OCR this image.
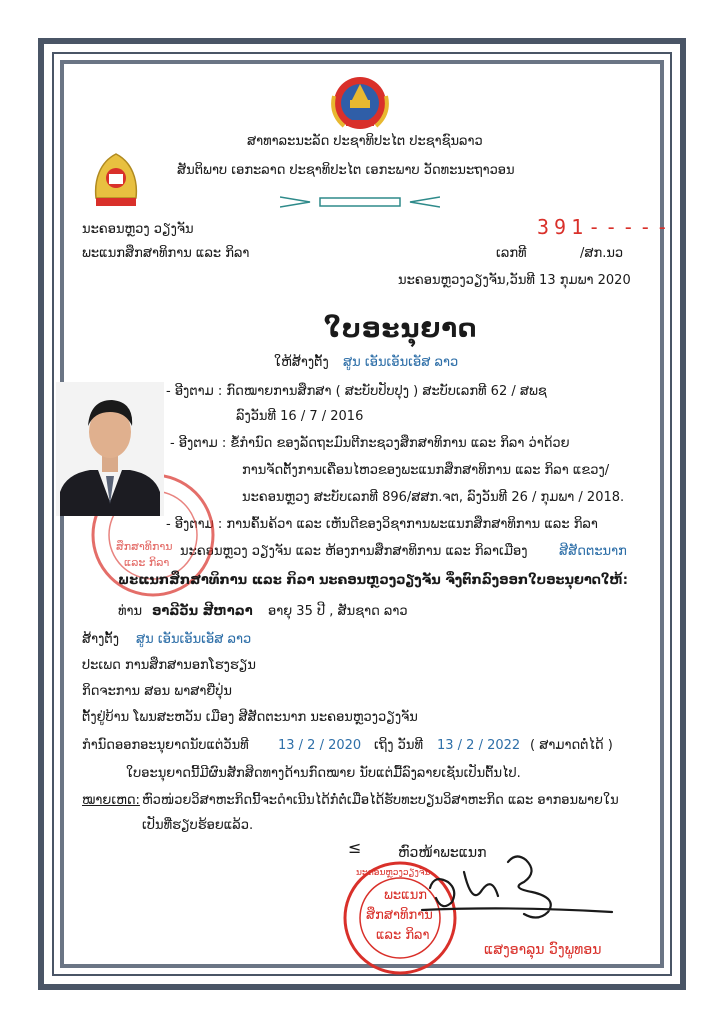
ສາທາລະນະລັດ ປະຊາທິປະໄຕ ປະຊາຊົນລາວ
ສັນຕິພາບ ເອກະລາດ ປະຊາທິປະໄຕ ເອກະພາບ ວັດທະນະຖາວອນ
ນະຄອນຫຼວງ ວຽງຈັນ
ພະແນກສຶກສາທິການ ແລະ ກິລາ
391-----
ເລກທີ	/ສກ.ນວ
ນະຄອນຫຼວງວຽງຈັນ,ວັນທີ 13 ກຸມພາ 2020
ໃບອະນຸຍາດ
ໃຫ້ສ້າງຕັ້ງ ສູນ ເອັນເອັນເອັສ ລາວ
- ອີງຕາມ : ກົດໝາຍການສຶກສາ ( ສະບັບປັບປຸງ ) ສະບັບເລກທີ 62 / ສພຊ
ລົງວັນທີ 16 / 7 / 2016
- ອີງຕາມ : ຂໍ້ກຳນົດ ຂອງລັດຖະມົນຕີກະຊວງສຶກສາທິການ ແລະ ກິລາ ວ່າດ້ວຍ
ການຈັດຕັ້ງການເຄື່ອນໄຫວຂອງພະແນກສຶກສາທິການ ແລະ ກິລາ ແຂວງ/
ນະຄອນຫຼວງ ສະບັບເລກທີ 896/ສສກ.ຈຕ, ລົງວັນທີ 26 / ກຸມພາ / 2018.
- ອີງຕາມ : ການຄົ້ນຄ້ວາ ແລະ ເຫັນດີຂອງວິຊາການພະແນກສຶກສາທິການ ແລະ ກິລາ
ນະຄອນຫຼວງ ວຽງຈັນ ແລະ ຫ້ອງການສຶກສາທິການ ແລະ ກິລາເມືອງ ສີສັດຕະນາກ
ສຶກສາທິການ
ແລະ ກິລາ
ພະແນກສຶກສາທິການ ແລະ ກິລາ ນະຄອນຫຼວງວຽງຈັນ ຈຶ່ງຕົກລົງອອກໃບອະນຸຍາດໃຫ້:
ທ່ານ ອາລີວັນ ສີຫາລາ ອາຍຸ 35 ປີ , ສັນຊາດ ລາວ
ສ້າງຕັ້ງ ສູນ ເອັນເອັນເອັສ ລາວ
ປະເພດ ການສຶກສານອກໂຮງຮຽນ
ກິດຈະການ ສອນ ພາສາຍີ່ປຸ່ນ
ຕັ້ງຢູ່ບ້ານ ໂພນສະຫວັນ ເມືອງ ສີສັດຕະນາກ ນະຄອນຫຼວງວຽງຈັນ
ກຳນົດອອກອະນຸຍາດນັບແຕ່ວັນທີ 13 / 2 / 2020 ເຖິງ ວັນທີ 13 / 2 / 2022 ( ສາມາດຕໍ່ໄດ້ )
ໃບອະນຸຍາດນີ້ມີຜົນສັກສິດທາງດ້ານກົດໝາຍ ນັບແຕ່ມື້ລົງລາຍເຊັນເປັນຕົ້ນໄປ.
ໝາຍເຫດ: ຫົວໜ່ວຍວິສາຫະກິດນີ້ຈະດຳເນີນໄດ້ກໍ່ຕໍ່ເມື່ອໄດ້ຮັບທະບຽນວິສາຫະກິດ ແລະ ອາກອນພາຍໃນ
ເປັນທີ່ຮຽບຮ້ອຍແລ້ວ.
≤	ຫົວໜ້າພະແນກ
ນະຄອນຫຼວງວຽງຈັນ
ພະແນກ
ສຶກສາທິການ
ແລະ ກິລາ
ແສງອາລຸນ ວົງພູທອນ
